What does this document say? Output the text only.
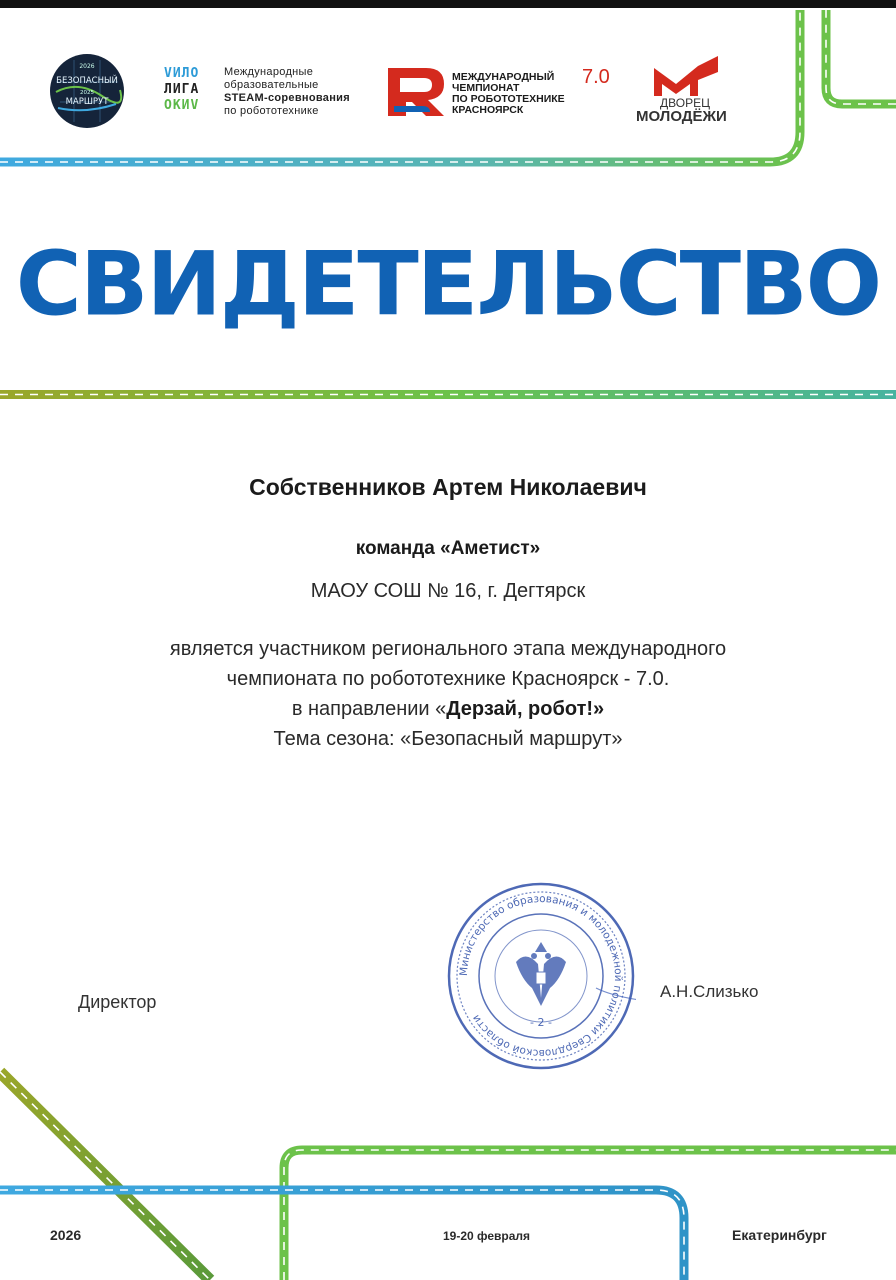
2026
БЕЗОПАСНЫЙ
2025
МАРШРУТ
VИЛО
ЛИГА
ОКИV
Международные
образовательные
STEAM-соревнования
по робототехнике
МЕЖДУНАРОДНЫЙ
ЧЕМПИОНАТ
ПО РОБОТОТЕХНИКЕ
КРАСНОЯРСК
7.0
ДВОРЕЦ
МОЛОДЁЖИ
СВИДЕТЕЛЬСТВО
Собственников Артем Николаевич
команда «Аметист»
МАОУ СОШ № 16, г. Дегтярск
является участником регионального этапа международного
чемпионата по робототехнике Красноярск - 7.0.
в направлении «Дерзай, робот!»
Тема сезона: «Безопасный маршрут»
Директор
Министерство образования и молодежной политики Свердловской области	- 2 -
А.Н.Слизько
2026	19-20 февраля	Екатеринбург
